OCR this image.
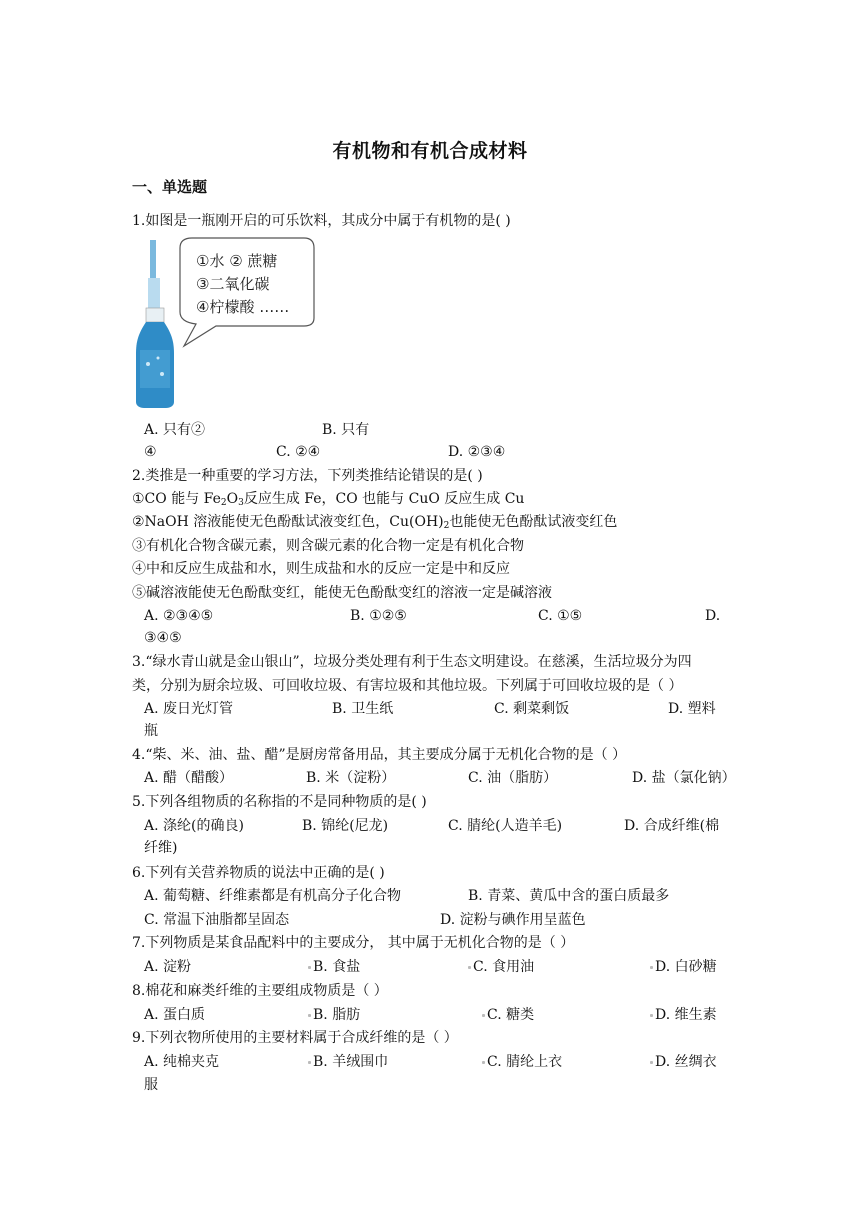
有机物和有机合成材料
一、单选题
1.如图是一瓶刚开启的可乐饮料，其成分中属于有机物的是( )
①水 ② 蔗糖
③二氧化碳
④柠檬酸 ……
A. 只有②	B. 只有
④	C. ②④	D. ②③④
2.类推是一种重要的学习方法，下列类推结论错误的是( )
①CO 能与 $Fe_2O_3$反应生成 Fe，CO 也能与 CuO 反应生成 Cu
②NaOH 溶液能使无色酚酞试液变红色，$Cu(OH)_2$也能使无色酚酞试液变红色
③有机化合物含碳元素，则含碳元素的化合物一定是有机化合物
④中和反应生成盐和水，则生成盐和水的反应一定是中和反应
⑤碱溶液能使无色酚酞变红，能使无色酚酞变红的溶液一定是碱溶液
A. ②③④⑤	B. ①②⑤	C. ①⑤	D.
③④⑤
3.“绿水青山就是金山银山”，垃圾分类处理有利于生态文明建设。在慈溪，生活垃圾分为四
类，分别为厨余垃圾、可回收垃圾、有害垃圾和其他垃圾。下列属于可回收垃圾的是（ ）
A. 废日光灯管	B. 卫生纸	C. 剩菜剩饭	D. 塑料
瓶
4.“柴、米、油、盐、醋”是厨房常备用品，其主要成分属于无机化合物的是（ ）
A. 醋（醋酸）	B. 米（淀粉）	C. 油（脂肪）	D. 盐（氯化钠）
5.下列各组物质的名称指的不是同种物质的是( )
A. 涤纶(的确良)	B. 锦纶(尼龙)	C. 腈纶(人造羊毛)	D. 合成纤维(棉
纤维)
6.下列有关营养物质的说法中正确的是( )
A. 葡萄糖、纤维素都是有机高分子化合物	B. 青菜、黄瓜中含的蛋白质最多
C. 常温下油脂都呈固态	D. 淀粉与碘作用呈蓝色
7.下列物质是某食品配料中的主要成分， 其中属于无机化合物的是（ ）
A. 淀粉	B. 食盐	C. 食用油	D. 白砂糖
8.棉花和麻类纤维的主要组成物质是（ ）
A. 蛋白质	B. 脂肪	C. 糖类	D. 维生素
9.下列衣物所使用的主要材料属于合成纤维的是（ ）
A. 纯棉夹克	B. 羊绒围巾	C. 腈纶上衣	D. 丝绸衣
服
